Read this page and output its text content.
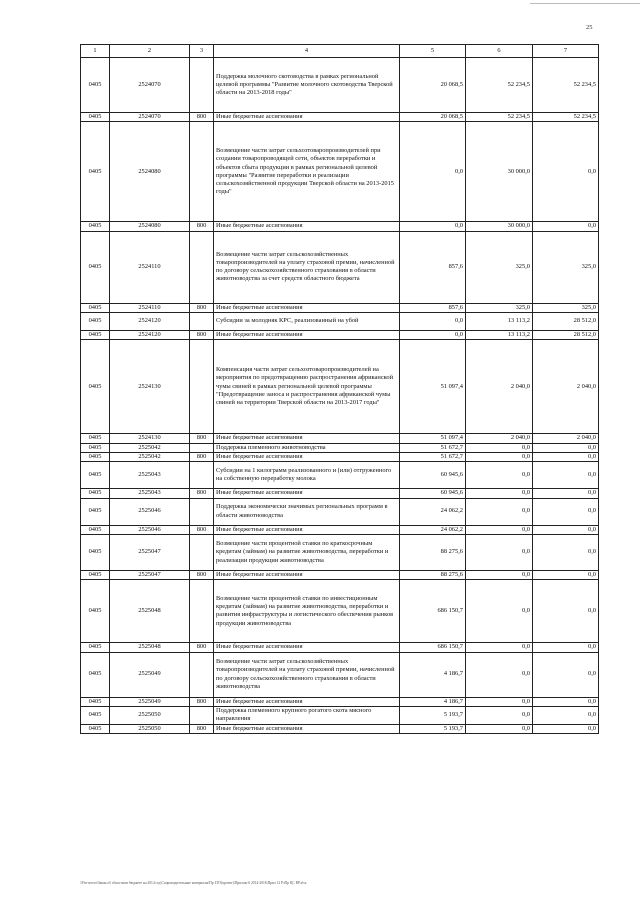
25
1	2	3	4	5	6	7
0405	2524070		Поддержка молочного скотоводства в рамках региональной целевой программы "Развитие молочного скотоводства Тверской области на 2013-2018 годы"	20 068,5	52 234,5	52 234,5
0405	2524070	800	Иные бюджетные ассигнования	20 068,5	52 234,5	52 234,5
0405	2524080		Возмещение части затрат сельхозтоваропроизводителей при создании товаропроводящей сети, объектов переработки и объектов сбыта продукции в рамках региональной целевой программы "Развитие переработки и реализации сельскохозяйственной продукции Тверской области на 2013-2015 годы"	0,0	30 000,0	0,0
0405	2524080	800	Иные бюджетные ассигнования	0,0	30 000,0	0,0
0405	2524110		Возмещение части затрат сельскохозяйственных товаропроизводителей на уплату страховой премии, начисленной по договору сельскохозяйственного страхования в области животноводства за счет средств областного бюджета	857,6	325,0	325,0
0405	2524110	800	Иные бюджетные ассигнования	857,6	325,0	325,0
0405	2524120		Субсидии за молодняк КРС, реализованный на убой	0,0	13 113,2	28 512,0
0405	2524120	800	Иные бюджетные ассигнования	0,0	13 113,2	28 512,0
0405	2524130		Компенсация части затрат сельхозтоваропроизводителей на мероприятия по предотвращению распространения африканской чумы свиней в рамках региональной целевой программы "Предотвращение заноса и распространения африканской чумы свиней на территории Тверской области на 2013-2017 годы"	51 097,4	2 040,0	2 040,0
0405	2524130	800	Иные бюджетные ассигнования	51 097,4	2 040,0	2 040,0
0405	2525042		Поддержка племенного животноводства	51 672,7	0,0	0,0
0405	2525042	800	Иные бюджетные ассигнования	51 672,7	0,0	0,0
0405	2525043		Субсидии на 1 килограмм реализованного и (или) отгруженного на собственную переработку молока	60 945,6	0,0	0,0
0405	2525043	800	Иные бюджетные ассигнования	60 945,6	0,0	0,0
0405	2525046		Поддержка экономически значимых региональных программ в области животноводства	24 062,2	0,0	0,0
0405	2525046	800	Иные бюджетные ассигнования	24 062,2	0,0	0,0
0405	2525047		Возмещение части процентной ставки по краткосрочным кредитам (займам) на развитие животноводства, переработки и реализации продукции животноводства	88 275,6	0,0	0,0
0405	2525047	800	Иные бюджетные ассигнования	88 275,6	0,0	0,0
0405	2525048		Возмещение части процентной ставки по инвестиционным кредитам (займам) на развитие животноводства, переработки и развития инфраструктуры и логистического обеспечения рынков продукции животноводства	686 150,7	0,0	0,0
0405	2525048	800	Иные бюджетные ассигнования	686 150,7	0,0	0,0
0405	2525049		Возмещение части затрат сельскохозяйственных товаропроизводителей на уплату страховой премии, начисленной по договору сельскохозяйственного страхования в области животноводства	4 186,7	0,0	0,0
0405	2525049	800	Иные бюджетные ассигнования	4 186,7	0,0	0,0
0405	2525050		Поддержка племенного крупного рогатого скота мясного направления	5 193,7	0,0	0,0
0405	2525050	800	Иные бюджетные ассигнования	5 193,7	0,0	0,0
\\Fin-server\Закон об областном бюджете на 2014 год\Сопроводительные материалы\Пр ЗТО(проект)\Прилож-6 2014-2016\Прил 12 РзПр ЦС ВР.xlsx
